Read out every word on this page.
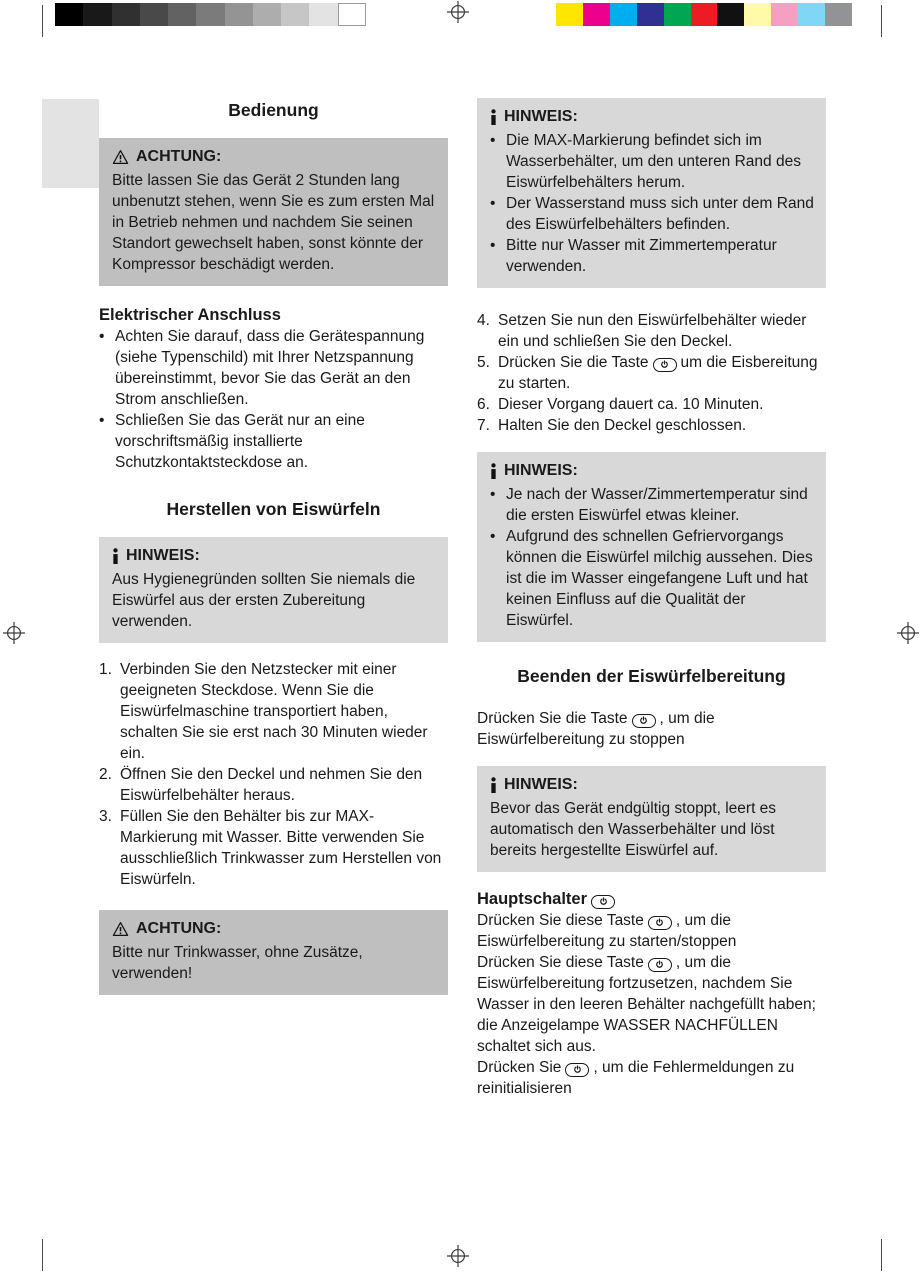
Bedienung
ACHTUNG:
Bitte lassen Sie das Gerät 2 Stunden lang unbenutzt stehen, wenn Sie es zum ersten Mal in Betrieb nehmen und nachdem Sie seinen Standort gewechselt haben, sonst könnte der Kompressor beschädigt werden.
Elektrischer Anschluss
• Achten Sie darauf, dass die Gerätespannung (siehe Typenschild) mit Ihrer Netzspannung übereinstimmt, bevor Sie das Gerät an den Strom anschließen.
• Schließen Sie das Gerät nur an eine vorschriftsmäßig installierte Schutzkontaktsteckdose an.
Herstellen von Eiswürfeln
HINWEIS:
Aus Hygienegründen sollten Sie niemals die Eiswürfel aus der ersten Zubereitung verwenden.
1. Verbinden Sie den Netzstecker mit einer geeigneten Steckdose. Wenn Sie die Eiswürfelmaschine transportiert haben, schalten Sie sie erst nach 30 Minuten wieder ein.
2. Öffnen Sie den Deckel und nehmen Sie den Eiswürfelbehälter heraus.
3. Füllen Sie den Behälter bis zur MAX-Markierung mit Wasser. Bitte verwenden Sie ausschließlich Trinkwasser zum Herstellen von Eiswürfeln.
ACHTUNG:
Bitte nur Trinkwasser, ohne Zusätze, verwenden!
HINWEIS:
• Die MAX-Markierung befindet sich im Wasserbehälter, um den unteren Rand des Eiswürfelbehälters herum.
• Der Wasserstand muss sich unter dem Rand des Eiswürfelbehälters befinden.
• Bitte nur Wasser mit Zimmertemperatur verwenden.
4. Setzen Sie nun den Eiswürfelbehälter wieder ein und schließen Sie den Deckel.
5. Drücken Sie die Taste um die Eisbereitung zu starten.
6. Dieser Vorgang dauert ca. 10 Minuten.
7. Halten Sie den Deckel geschlossen.
HINWEIS:
• Je nach der Wasser/Zimmertemperatur sind die ersten Eiswürfel etwas kleiner.
• Aufgrund des schnellen Gefriervorgangs können die Eiswürfel milchig aussehen. Dies ist die im Wasser eingefangene Luft und hat keinen Einfluss auf die Qualität der Eiswürfel.
Beenden der Eiswürfelbereitung
Drücken Sie die Taste , um die Eiswürfelbereitung zu stoppen
HINWEIS:
Bevor das Gerät endgültig stoppt, leert es automatisch den Wasserbehälter und löst bereits hergestellte Eiswürfel auf.
Hauptschalter
Drücken Sie diese Taste , um die Eiswürfelbereitung zu starten/stoppen
Drücken Sie diese Taste , um die Eiswürfelbereitung fortzusetzen, nachdem Sie Wasser in den leeren Behälter nachgefüllt haben; die Anzeigelampe WASSER NACHFÜLLEN schaltet sich aus.
Drücken Sie , um die Fehlermeldungen zu reinitialisieren
